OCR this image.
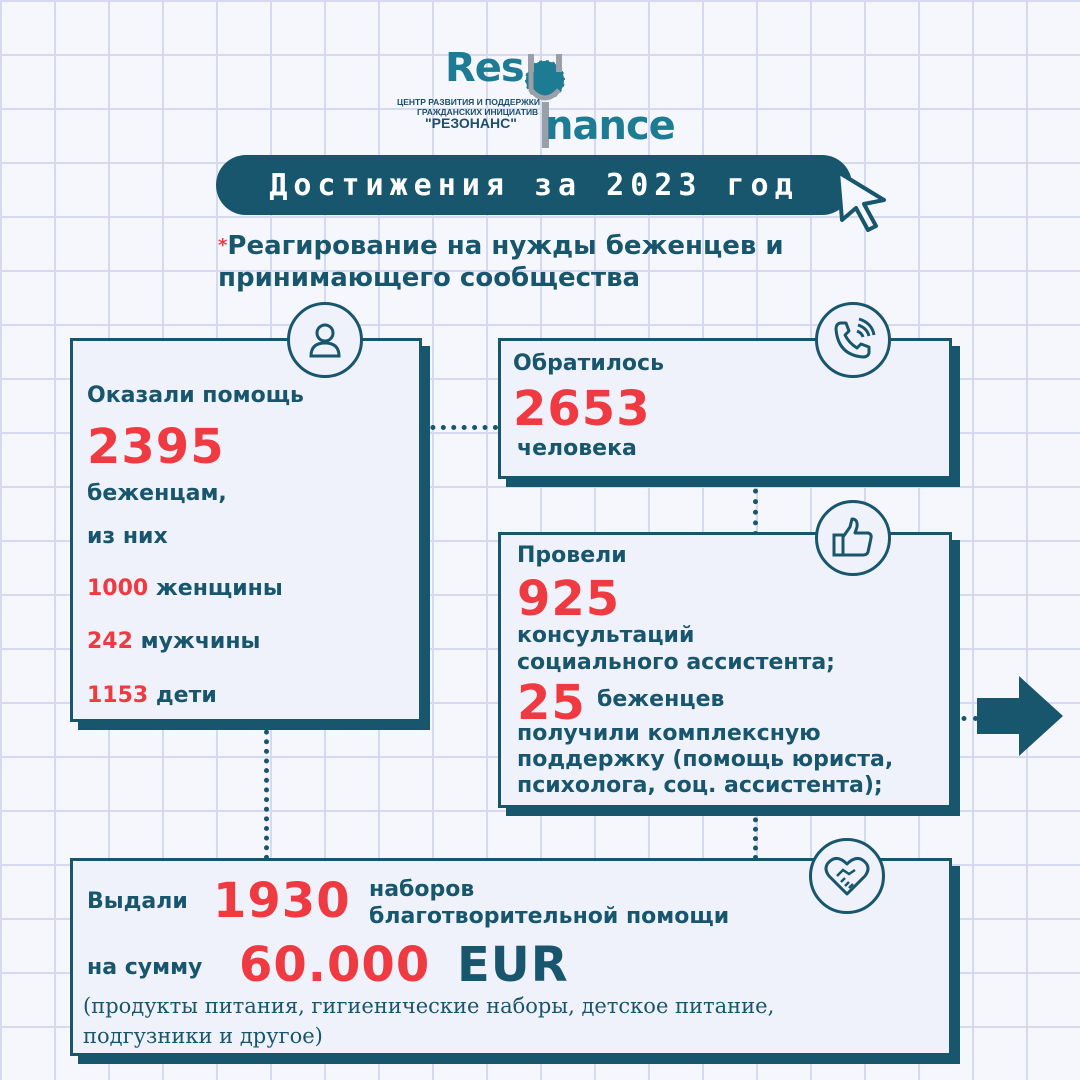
Res
ЦЕНТР РАЗВИТИЯ И ПОДДЕРЖКИ
ГРАЖДАНСКИХ ИНИЦИАТИВ
"РЕЗОНАНС" nance
Достижения за 2023 год
*Реагирование на нужды беженцев и
принимающего сообщества
Оказали помощь
2395
беженцам,
из них
1000 женщины
242 мужчины
1153 дети
Обратилось
2653
человека
Провели
925
консультаций
социального ассистента;
25 беженцев
получили комплексную
поддержку (помощь юриста,
психолога, соц. ассистента);
Выдали 1930 наборов
благотворительной помощи
на сумму 60.000 EUR
(продукты питания, гигиенические наборы, детское питание, подгузники и другое)
